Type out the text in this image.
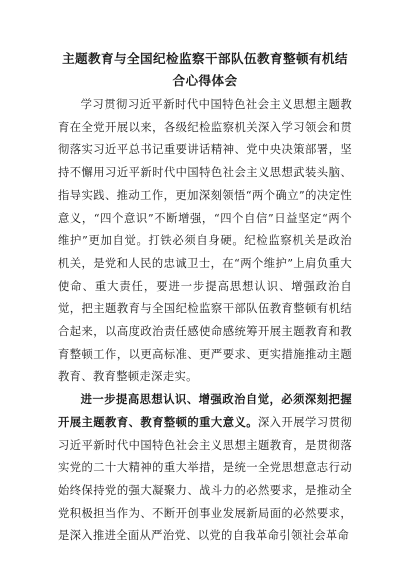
主题教育与全国纪检监察干部队伍教育整顿有机结合心得体会

学习贯彻习近平新时代中国特色社会主义思想主题教育在全党开展以来，各级纪检监察机关深入学习领会和贯彻落实习近平总书记重要讲话精神、党中央决策部署，坚持不懈用习近平新时代中国特色社会主义思想武装头脑、指导实践、推动工作，更加深刻领悟“两个确立”的决定性意义，“四个意识”不断增强，“四个自信”日益坚定“两个维护”更加自觉。打铁必须自身硬。纪检监察机关是政治机关，是党和人民的忠诚卫士，在“两个维护”上肩负重大使命、重大责任，要进一步提高思想认识、增强政治自觉，把主题教育与全国纪检监察干部队伍教育整顿有机结合起来，以高度政治责任感使命感统筹开展主题教育和教育整顿工作，以更高标准、更严要求、更实措施推动主题教育、教育整顿走深走实。

进一步提高思想认识、增强政治自觉，必须深刻把握开展主题教育、教育整顿的重大意义。深入开展学习贯彻习近平新时代中国特色社会主义思想主题教育，是贯彻落实党的二十大精神的重大举措，是统一全党思想意志行动始终保持党的强大凝聚力、战斗力的必然要求，是推动全党积极担当作为、不断开创事业发展新局面的必然要求，是深入推进全面从严治党、以党的自我革命引领社会革命
